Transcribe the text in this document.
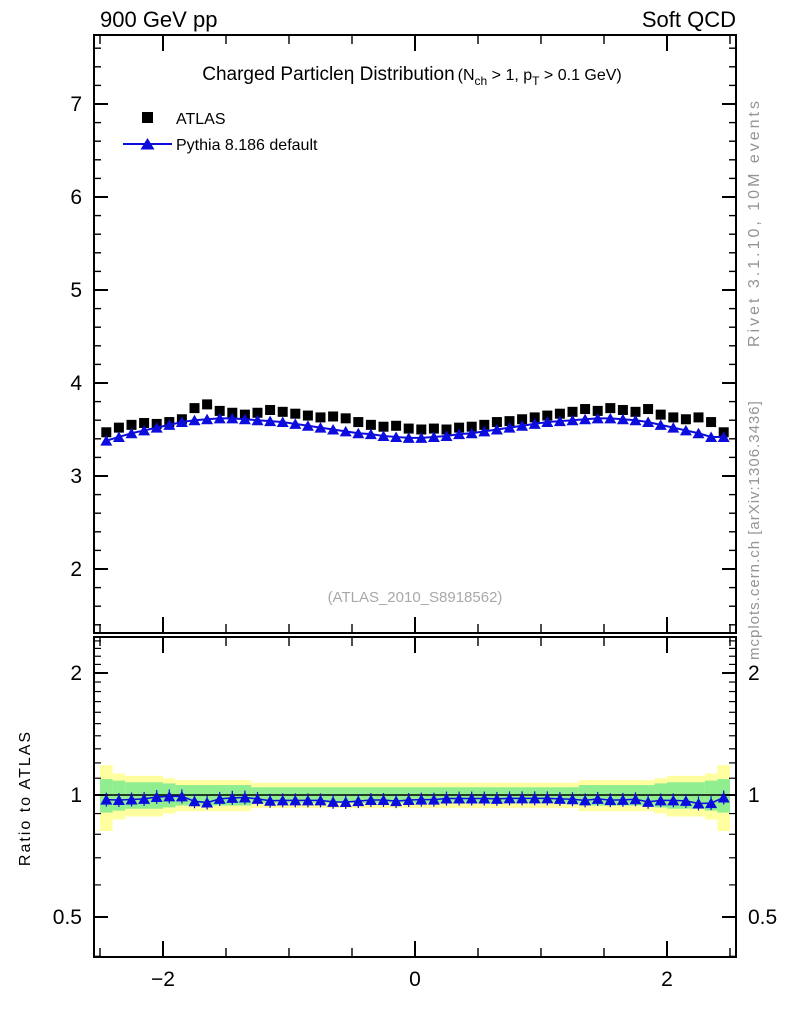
900 GeV pp	Soft QCD
−2	0	2
2
3
4
5
6
7
0.5	0.5
1	1
2	2
Charged Particleη Distribution ($N_{ch}$ $^{> 1, p}_T$ $^{> 0.1 GeV)}$
ATLAS
Pythia 8.186 default
(ATLAS_2010_S8918562)
Rivet 3.1.10, 10M events
mcplots.cern.ch [arXiv:1306.3436]
Ratio to ATLAS
